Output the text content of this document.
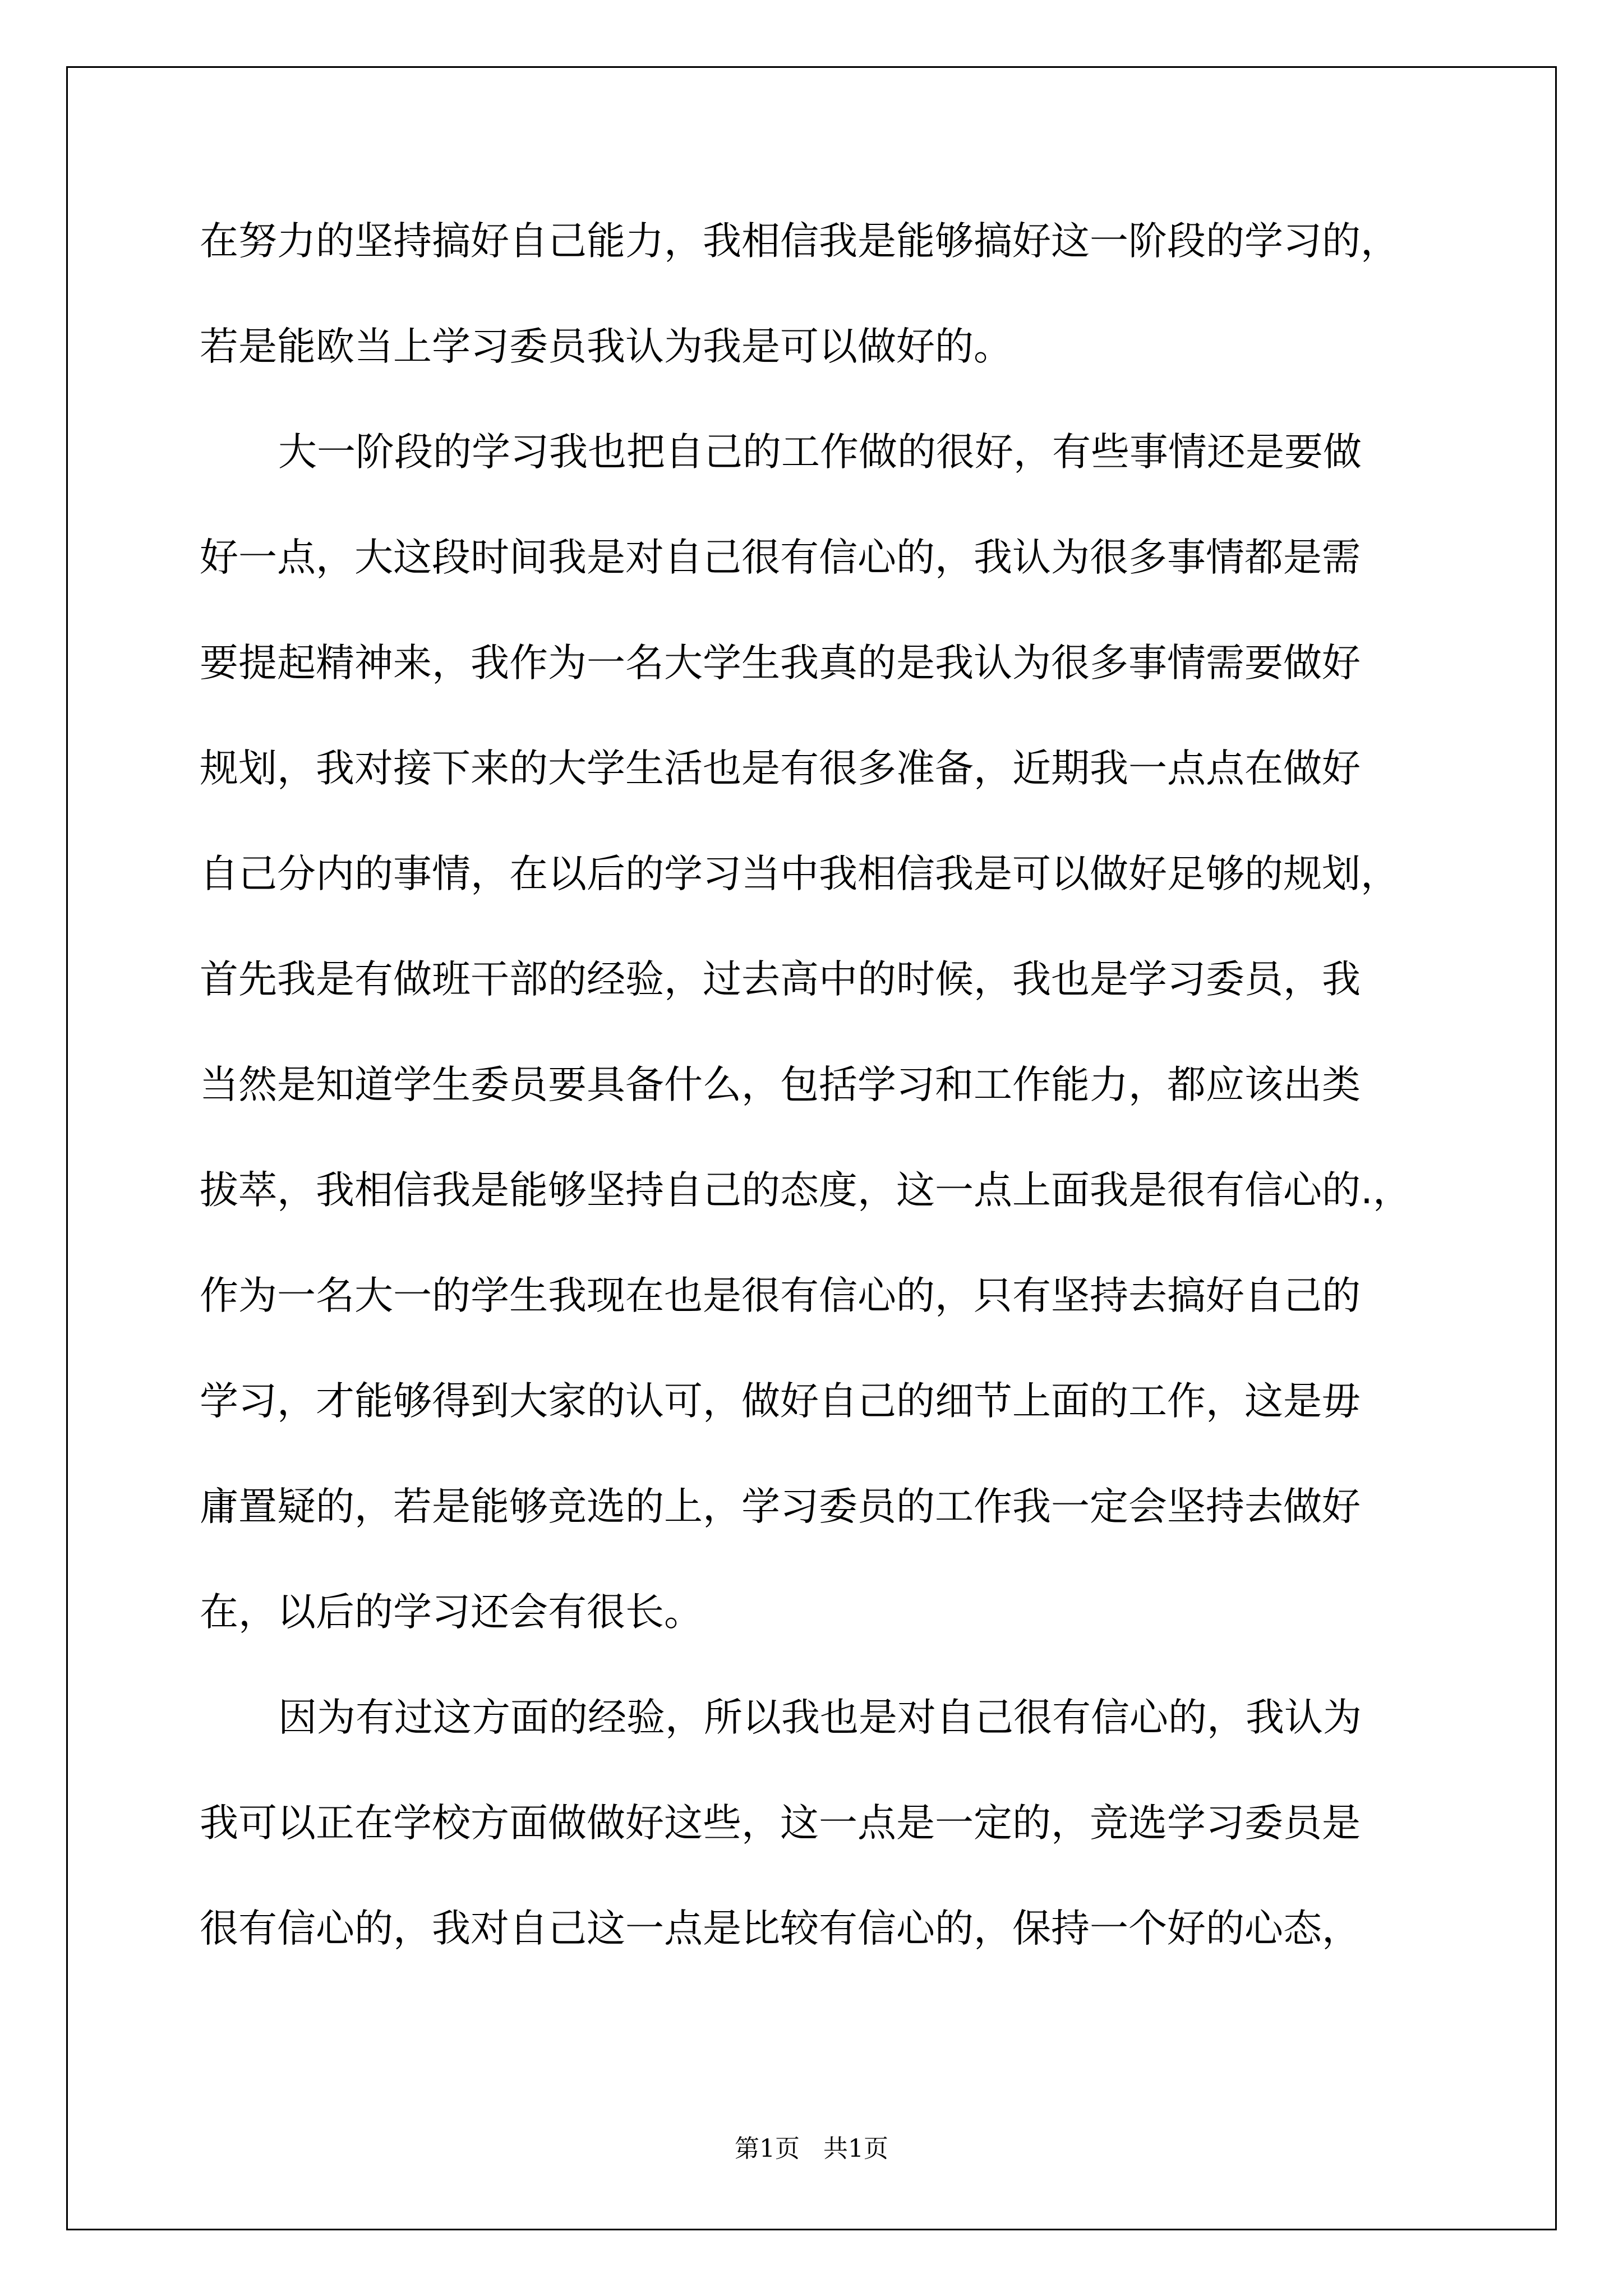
在努力的坚持搞好自己能力，我相信我是能够搞好这一阶段的学习的，
若是能欧当上学习委员我认为我是可以做好的。
大一阶段的学习我也把自己的工作做的很好，有些事情还是要做
好一点，大这段时间我是对自己很有信心的，我认为很多事情都是需
要提起精神来，我作为一名大学生我真的是我认为很多事情需要做好
规划，我对接下来的大学生活也是有很多准备，近期我一点点在做好
自己分内的事情，在以后的学习当中我相信我是可以做好足够的规划，
首先我是有做班干部的经验，过去高中的时候，我也是学习委员，我
当然是知道学生委员要具备什么，包括学习和工作能力，都应该出类
拔萃，我相信我是能够坚持自己的态度，这一点上面我是很有信心的.，
作为一名大一的学生我现在也是很有信心的，只有坚持去搞好自己的
学习，才能够得到大家的认可，做好自己的细节上面的工作，这是毋
庸置疑的，若是能够竞选的上，学习委员的工作我一定会坚持去做好
在，以后的学习还会有很长。
因为有过这方面的经验，所以我也是对自己很有信心的，我认为
我可以正在学校方面做做好这些，这一点是一定的，竞选学习委员是
很有信心的，我对自己这一点是比较有信心的，保持一个好的心态，
第1页   共1页
